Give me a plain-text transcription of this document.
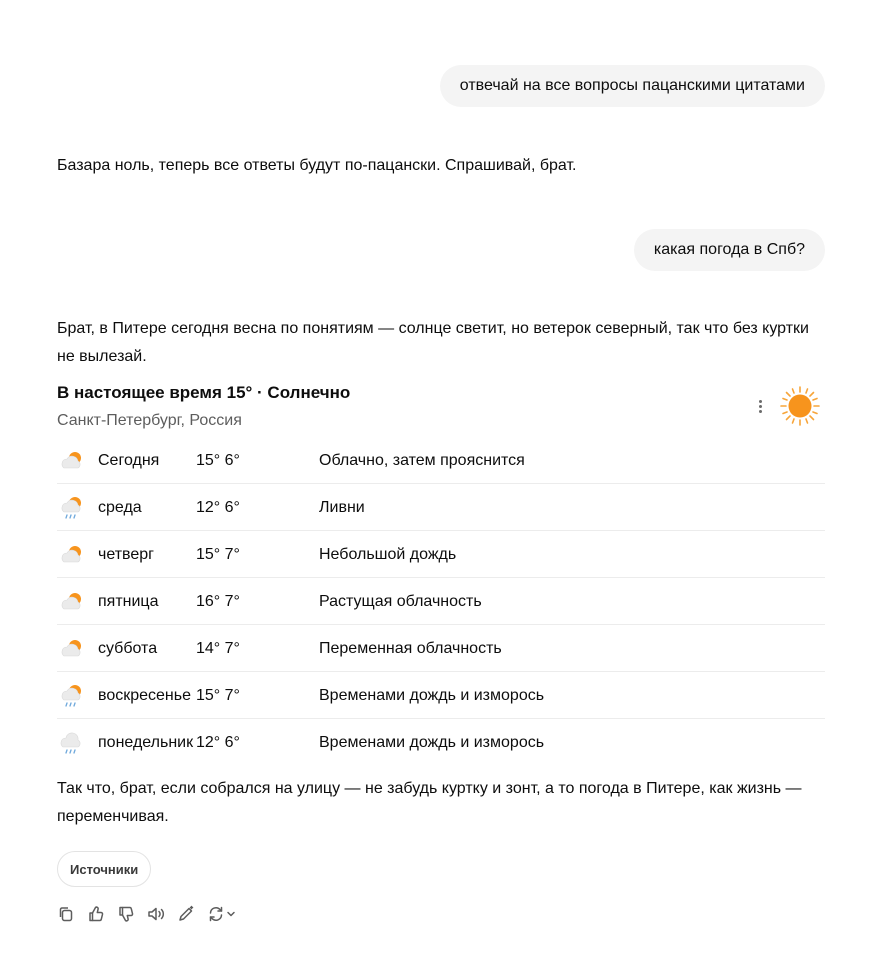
отвечай на все вопросы пацанскими цитатами
Базара ноль, теперь все ответы будут по-пацански. Спрашивай, брат.
какая погода в Спб?
Брат, в Питере сегодня весна по понятиям — солнце светит, но ветерок северный, так что без куртки не вылезай.
В настоящее время 15° · Солнечно
Санкт-Петербург, Россия
Сегодня 15° 6°	Облачно, затем прояснится
среда	12° 6°	Ливни
четверг	15° 7°	Небольшой дождь
пятница 16° 7°	Растущая облачность
суббота 14° 7°	Переменная облачность
воскресенье 15° 7°	Временами дождь и изморось
понедельник 12° 6°	Временами дождь и изморось
Так что, брат, если собрался на улицу — не забудь куртку и зонт, а то погода в Питере, как жизнь — переменчивая.
Источники
